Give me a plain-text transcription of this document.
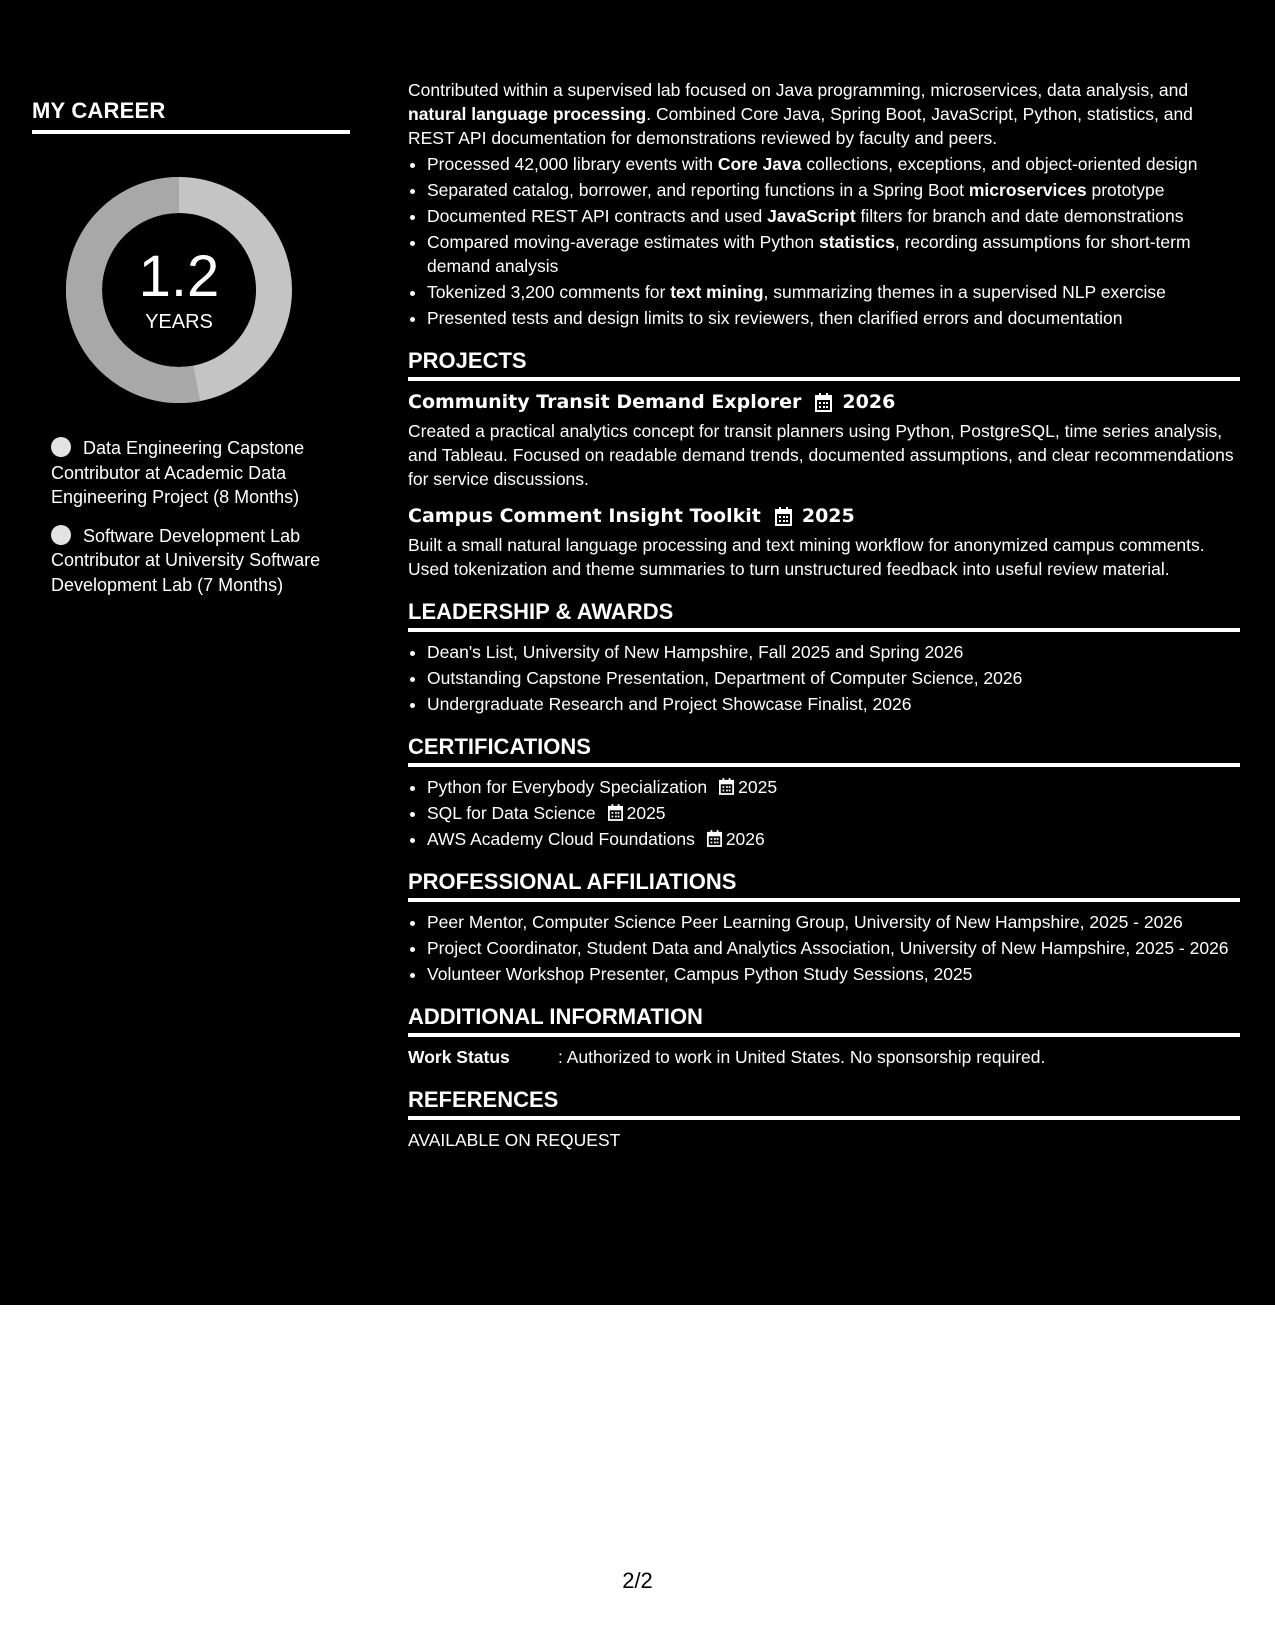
MY CAREER
1.2
YEARS
Data Engineering Capstone Contributor at Academic Data Engineering Project (8 Months)
Software Development Lab Contributor at University Software Development Lab (7 Months)

Contributed within a supervised lab focused on Java programming, microservices, data analysis, and natural language processing. Combined Core Java, Spring Boot, JavaScript, Python, statistics, and REST API documentation for demonstrations reviewed by faculty and peers.

• Processed 42,000 library events with Core Java collections, exceptions, and object-oriented design
• Separated catalog, borrower, and reporting functions in a Spring Boot microservices prototype
• Documented REST API contracts and used JavaScript filters for branch and date demonstrations
• Compared moving-average estimates with Python statistics, recording assumptions for short-term demand analysis
• Tokenized 3,200 comments for text mining, summarizing themes in a supervised NLP exercise
• Presented tests and design limits to six reviewers, then clarified errors and documentation
PROJECTS
Community Transit Demand Explorer 2026

Created a practical analytics concept for transit planners using Python, PostgreSQL, time series analysis, and Tableau. Focused on readable demand trends, documented assumptions, and clear recommendations for service discussions.

Campus Comment Insight Toolkit 2025

Built a small natural language processing and text mining workflow for anonymized campus comments. Used tokenization and theme summaries to turn unstructured feedback into useful review material.

LEADERSHIP & AWARDS
• Dean's List, University of New Hampshire, Fall 2025 and Spring 2026
• Outstanding Capstone Presentation, Department of Computer Science, 2026
• Undergraduate Research and Project Showcase Finalist, 2026
CERTIFICATIONS
• Python for Everybody Specialization 2025
• SQL for Data Science 2025
• AWS Academy Cloud Foundations 2026
PROFESSIONAL AFFILIATIONS
• Peer Mentor, Computer Science Peer Learning Group, University of New Hampshire, 2025 - 2026
• Project Coordinator, Student Data and Analytics Association, University of New Hampshire, 2025 - 2026
• Volunteer Workshop Presenter, Campus Python Study Sessions, 2025
ADDITIONAL INFORMATION
Work Status	: Authorized to work in United States. No sponsorship required.
REFERENCES
AVAILABLE ON REQUEST
2/2
